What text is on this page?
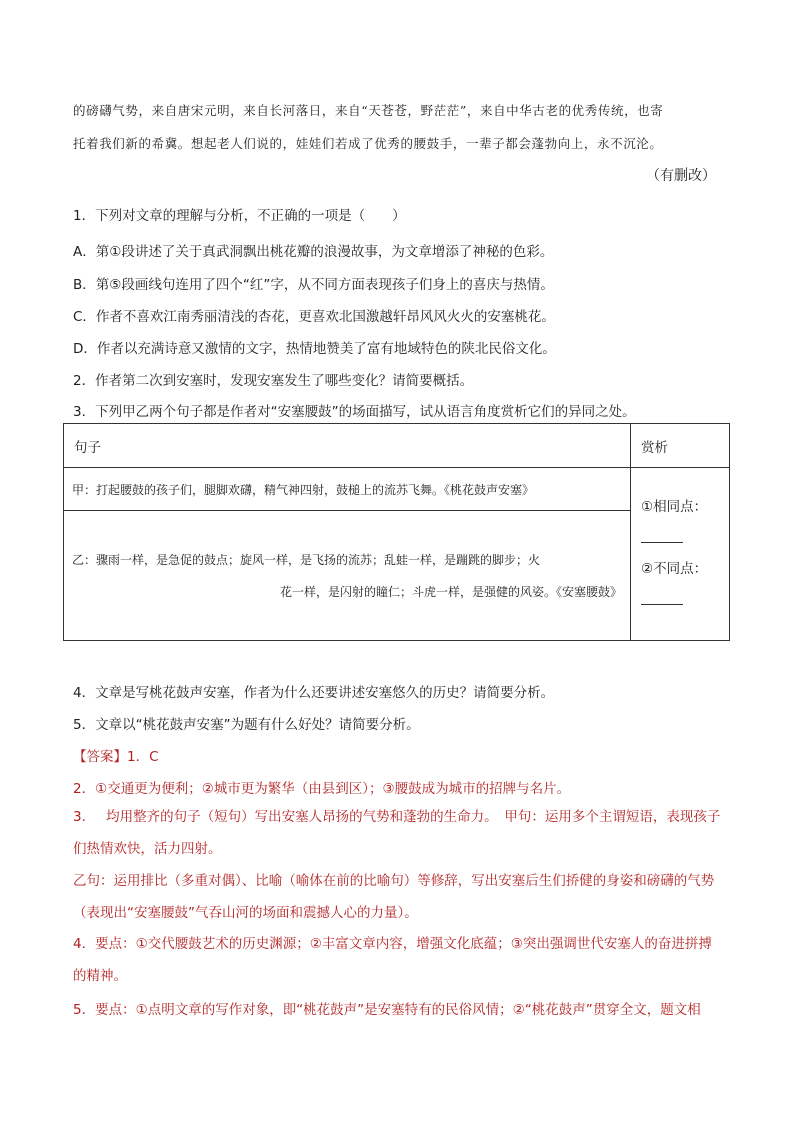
的磅礴气势，来自唐宋元明，来自长河落日，来自“天苍苍，野茫茫”，来自中华古老的优秀传统，也寄
托着我们新的希冀。想起老人们说的，娃娃们若成了优秀的腰鼓手，一辈子都会蓬勃向上，永不沉沦。
（有删改）
1．下列对文章的理解与分析，不正确的一项是（　　）
A．第①段讲述了关于真武洞飘出桃花瓣的浪漫故事，为文章增添了神秘的色彩。
B．第⑤段画线句连用了四个“红”字，从不同方面表现孩子们身上的喜庆与热情。
C．作者不喜欢江南秀丽清浅的杏花，更喜欢北国激越轩昂风风火火的安塞桃花。
D．作者以充满诗意又激情的文字，热情地赞美了富有地域特色的陕北民俗文化。
2．作者第二次到安塞时，发现安塞发生了哪些变化？请简要概括。
3．下列甲乙两个句子都是作者对“安塞腰鼓”的场面描写，试从语言角度赏析它们的异同之处。
句子	赏析
甲：打起腰鼓的孩子们，腿脚欢礴，精气神四射，鼓槌上的流苏飞舞。《桃花鼓声安塞》	①相同点：
②不同点：

乙：骤雨一样，是急促的鼓点；旋风一样，是飞扬的流苏；乱蛙一样，是蹦跳的脚步；火
花一样，是闪射的瞳仁；斗虎一样，是强健的风姿。《安塞腰鼓》	
4．文章是写桃花鼓声安塞，作者为什么还要讲述安塞悠久的历史？请简要分析。
5．文章以“桃花鼓声安塞”为题有什么好处？请简要分析。
【答案】1．C
2．①交通更为便利；②城市更为繁华（由县到区）；③腰鼓成为城市的招牌与名片。
3．　 均用整齐的句子（短句）写出安塞人昂扬的气势和蓬勃的生命力。　甲句：运用多个主谓短语，表现孩子们热情欢快，活力四射。
乙句：运用排比（多重对偶）、比喻（喻体在前的比喻句）等修辞，写出安塞后生们挢健的身姿和磅礴的气势（表现出“安塞腰鼓”气吞山河的场面和震撼人心的力量）。
4．要点：①交代腰鼓艺术的历史渊源；②丰富文章内容，增强文化底蕴；③突出强调世代安塞人的奋进拼搏的精神。
5．要点：①点明文章的写作对象，即“桃花鼓声”是安塞特有的民俗风情；②“桃花鼓声”贯穿全文，题文相
